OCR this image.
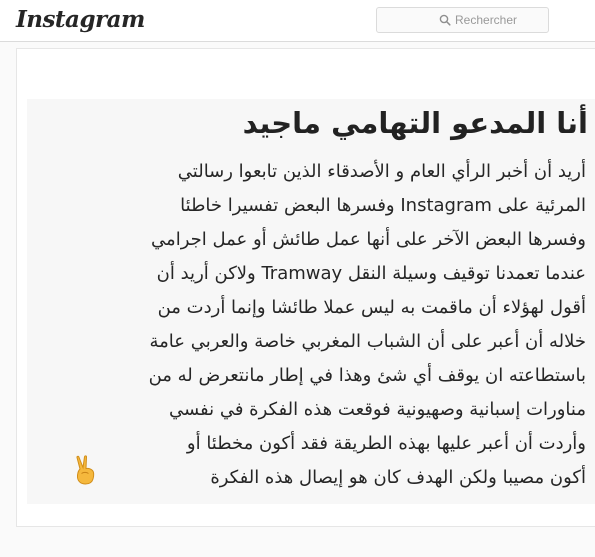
Instagram
Rechercher
أنا المدعو التهامي ماجيد
أريد أن أخبر الرأي العام و الأصدقاء الذين تابعوا رسالتي
المرئية على Instagram وفسرها البعض تفسيرا خاطئا
وفسرها البعض الآخر على أنها عمل طائش أو عمل اجرامي
عندما تعمدنا توقيف وسيلة النقل Tramway ولاكن أريد أن
أقول لهؤلاء أن ماقمت به ليس عملا طائشا وإنما أردت من
خلاله أن أعبر على أن الشباب المغربي خاصة والعربي عامة
باستطاعته ان يوقف أي شئ وهذا في إطار مانتعرض له من
مناورات إسبانية وصهيونية فوقعت هذه الفكرة في نفسي
وأردت أن أعبر عليها بهذه الطريقة فقد أكون مخطئا أو
أكون مصيبا ولكن الهدف كان هو إيصال هذه الفكرة
